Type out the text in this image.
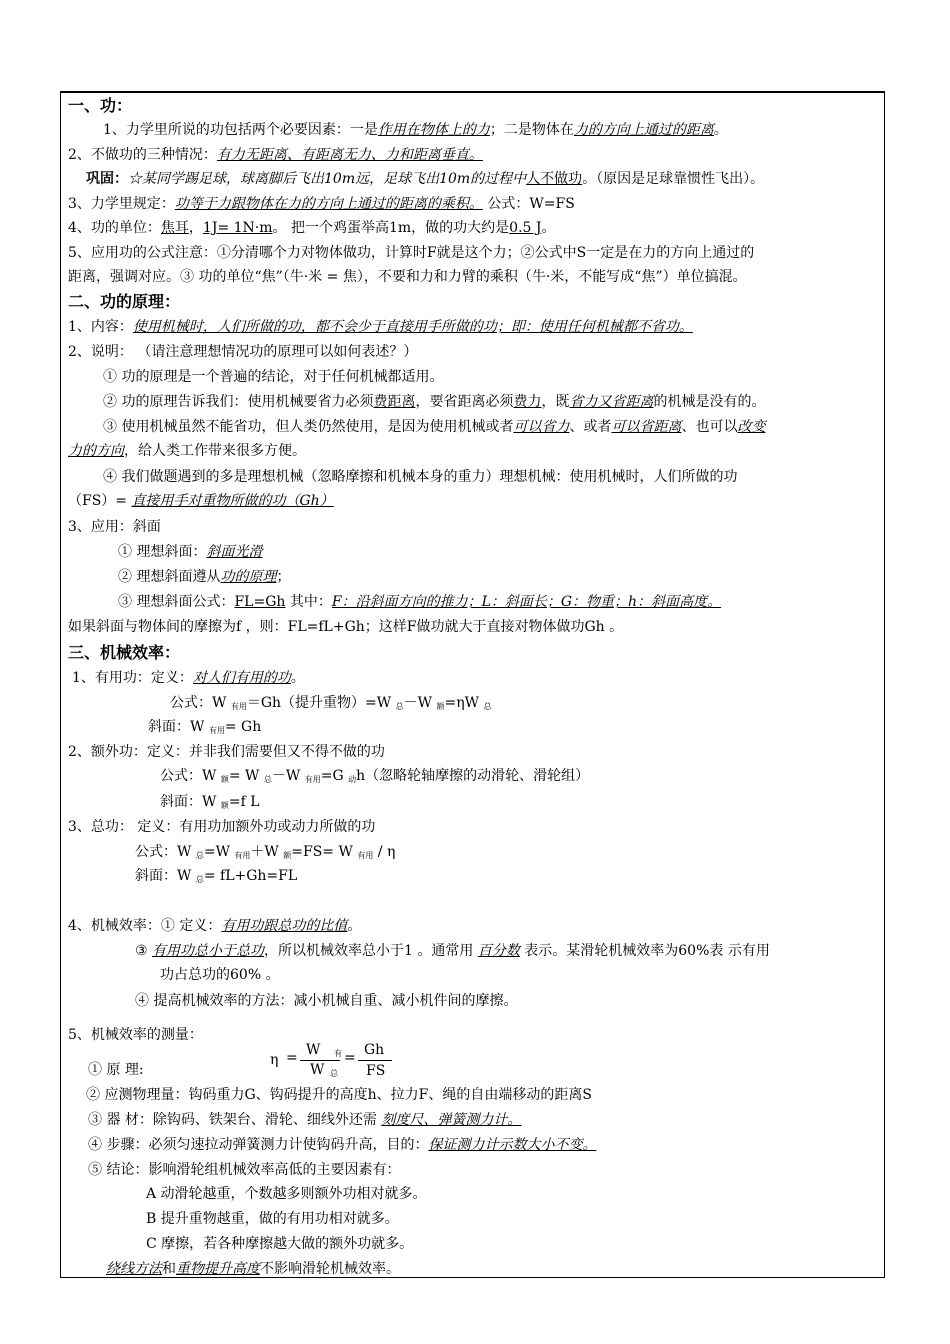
一、功：
1、力学里所说的功包括两个必要因素：一是作用在物体上的力；二是物体在力的方向上通过的距离。
2、不做功的三种情况：有力无距离、有距离无力、力和距离垂直。
巩固：☆某同学踢足球，球离脚后飞出10m远，足球飞出10m的过程中人不做功。（原因是足球靠惯性飞出）。
3、力学里规定：功等于力跟物体在力的方向上通过的距离的乘积。 公式：W=FS
4、功的单位：焦耳，1J= 1N·m。 把一个鸡蛋举高1m，做的功大约是0.5 J。
5、应用功的公式注意：①分清哪个力对物体做功，计算时F就是这个力；②公式中S一定是在力的方向上通过的
距离，强调对应。③ 功的单位“焦”（牛·米 = 焦），不要和力和力臂的乘积（牛·米，不能写成“焦”）单位搞混。
二、功的原理：
1、内容：使用机械时，人们所做的功，都不会少于直接用手所做的功；即：使用任何机械都不省功。
2、说明： （请注意理想情况功的原理可以如何表述？）
① 功的原理是一个普遍的结论，对于任何机械都适用。
② 功的原理告诉我们：使用机械要省力必须费距离，要省距离必须费力，既省力又省距离的机械是没有的。
③ 使用机械虽然不能省功，但人类仍然使用，是因为使用机械或者可以省力、或者可以省距离、也可以改变
力的方向，给人类工作带来很多方便。
④ 我们做题遇到的多是理想机械（忽略摩擦和机械本身的重力）理想机械：使用机械时，人们所做的功
（FS）= 直接用手对重物所做的功（Gh）
3、应用：斜面
① 理想斜面：斜面光滑
② 理想斜面遵从功的原理；
③ 理想斜面公式：FL=Gh 其中：F：沿斜面方向的推力；L：斜面长；G：物重；h：斜面高度。
如果斜面与物体间的摩擦为f ，则：FL=fL+Gh；这样F做功就大于直接对物体做功Gh 。
三、机械效率：
1、有用功：定义：对人们有用的功。
公式：W $_{有用}$＝Gh（提升重物）=W $_总$－W $_额$=ηW $_总$
斜面：W $_{有用}$= Gh
2、额外功：定义：并非我们需要但又不得不做的功
公式：W $_额$= W $_总$－W $_{有用}$=G $_动$h（忽略轮轴摩擦的动滑轮、滑轮组）
斜面：W $_额$=f L
3、总功： 定义：有用功加额外功或动力所做的功
公式：W $_总$=W $_{有用}$＋W $_额$=FS= W $_{有用}$ / η
斜面：W $_总$= fL+Gh=FL
4、机械效率：① 定义：有用功跟总功的比值。
③ 有用功总小于总功，所以机械效率总小于1 。通常用 百分数 表示。某滑轮机械效率为60%表 示有用
功占总功的60% 。
④ 提高机械效率的方法：减小机械自重、减小机件间的摩擦。
5、机械效率的测量：
① 原 理:
η = W 有
W 总
= Gh
FS
② 应测物理量：钩码重力G、钩码提升的高度h、拉力F、绳的自由端移动的距离S
③ 器 材：除钩码、铁架台、滑轮、细线外还需 刻度尺、弹簧测力计。
④ 步骤：必须匀速拉动弹簧测力计使钩码升高，目的：保证测力计示数大小不变。
⑤ 结论：影响滑轮组机械效率高低的主要因素有：
A 动滑轮越重，个数越多则额外功相对就多。
B 提升重物越重，做的有用功相对就多。
C 摩擦，若各种摩擦越大做的额外功就多。
绕线方法和重物提升高度不影响滑轮机械效率。
